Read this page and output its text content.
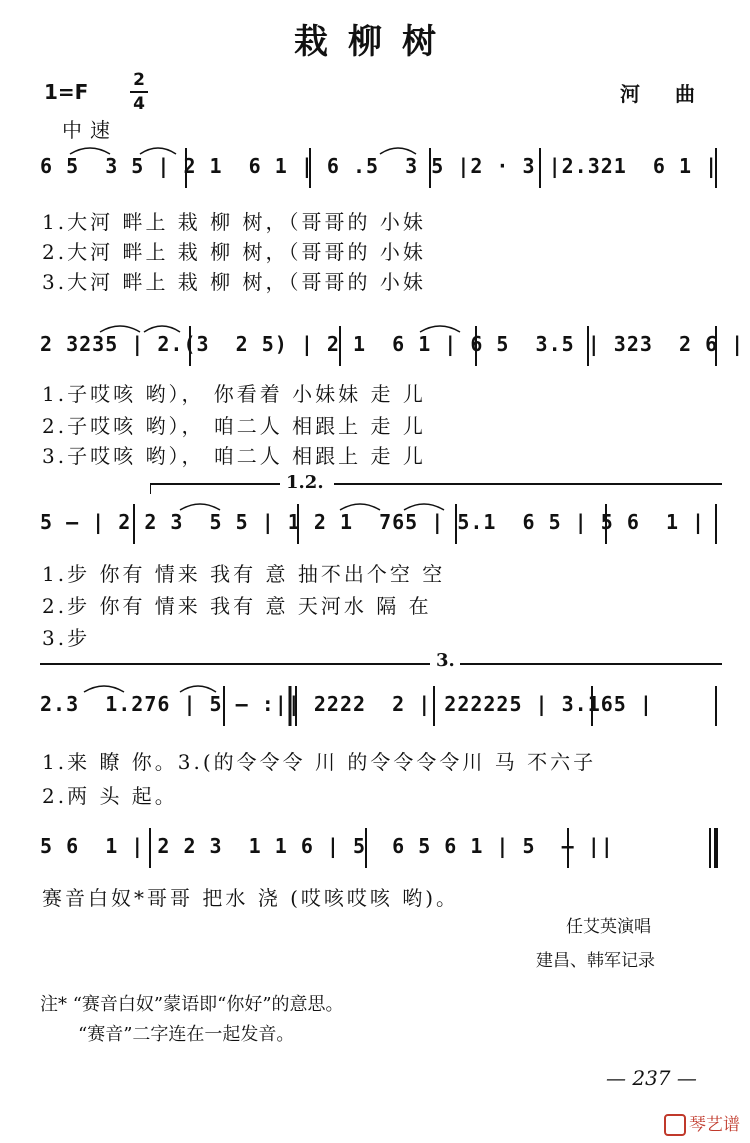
栽柳树
1=F	2
4	河 曲
中速
6 5  3 5 | 2 1  6 1 | 6 .5  3 5 |2 · 3 |2.321  6 1 |
1.大河 畔上 栽 柳 树，（哥哥的 小妹
2.大河 畔上 栽 柳 树，（哥哥的 小妹
3.大河 畔上 栽 柳 树，（哥哥的 小妹
2 3235 | 2.(3  2 5) | 2 1  6 1 | 6 5  3.5 | 323  2 6 |
1.子哎咳 哟）， 你看着 小妹妹 走 儿
2.子哎咳 哟）， 咱二人 相跟上 走 儿
3.子哎咳 哟）， 咱二人 相跟上 走 儿
1.2.
5 — | 2 2 3  5 5 | 1 2 1  765 | 5.1  6 5 | 5 6  1 |
1.步 你有 情来 我有 意 抽不出个空 空
2.步 你有 情来 我有 意 天河水 隔 在
3.步
3.
2.3  1.276 | 5 — :|| 2222  2 | 222225 | 3.165 |
1.来 瞭 你。3.(的令令令 川 的令令令令川 马 不六子
2.两 头 起。
5 6  1 | 2 2 3  1 1 6 | 5  6 5 6 1 | 5  — ||
赛音白奴*哥哥 把水 浇 (哎咳哎咳 哟)。
任艾英演唱
建昌、韩军记录
注* “赛音白奴”蒙语即“你好”的意思。
“赛音”二字连在一起发音。
— 237 —
琴艺谱
